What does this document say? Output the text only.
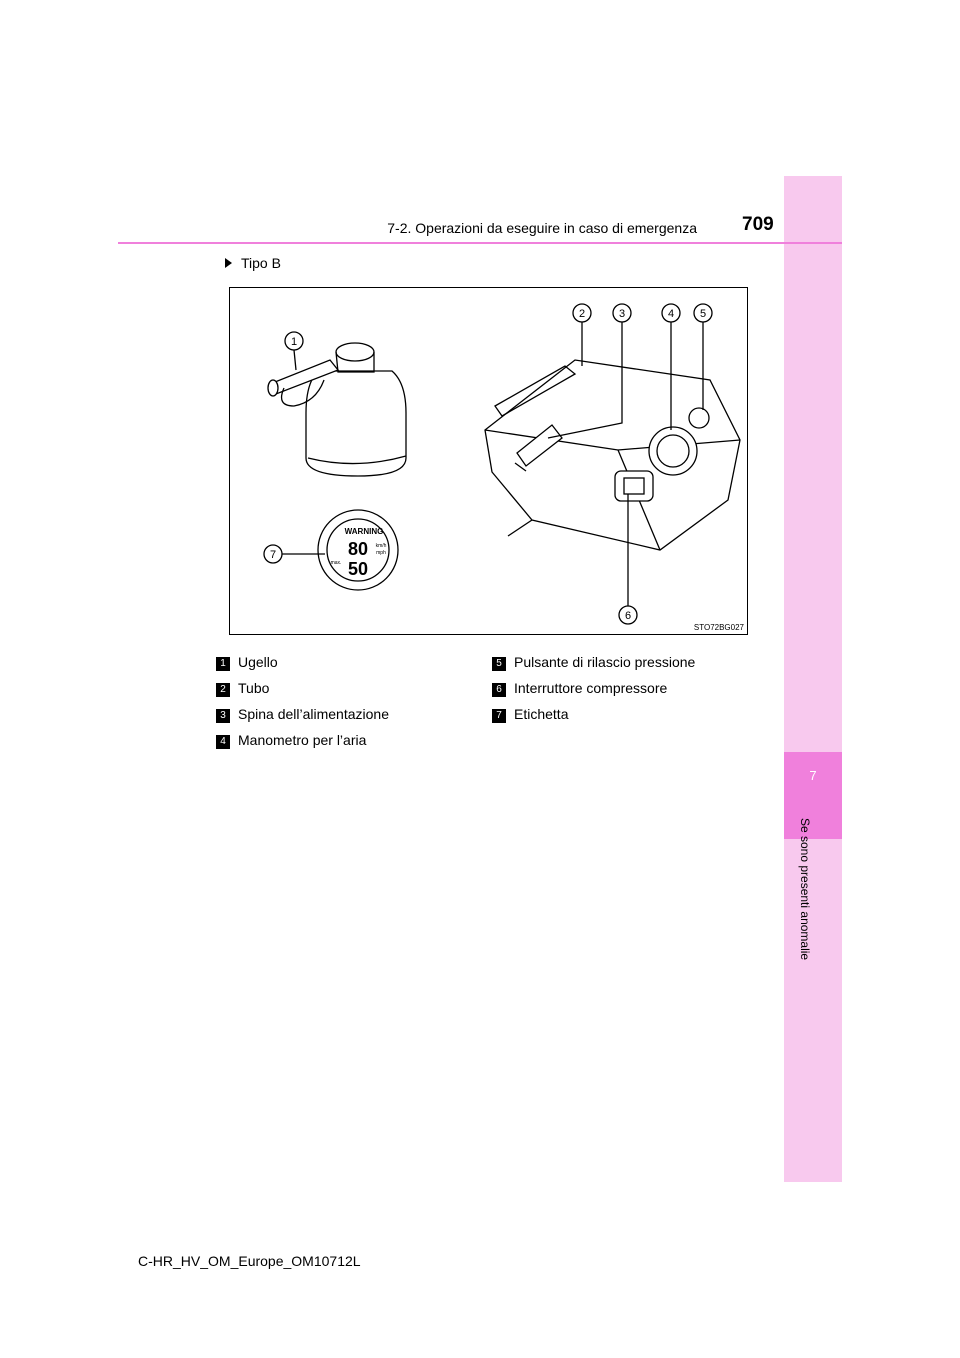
7
Se sono presenti anomalie
7-2. Operazioni da eseguire in caso di emergenza 709
Tipo B
1
2	3	4 5
6
7
WARNING
80
50
km/h
mph
max.
STO72BG027
1 Ugello
2 Tubo
3 Spina dell’alimentazione
4 Manometro per l’aria
5 Pulsante di rilascio pressione
6 Interruttore compressore
7 Etichetta
C-HR_HV_OM_Europe_OM10712L
